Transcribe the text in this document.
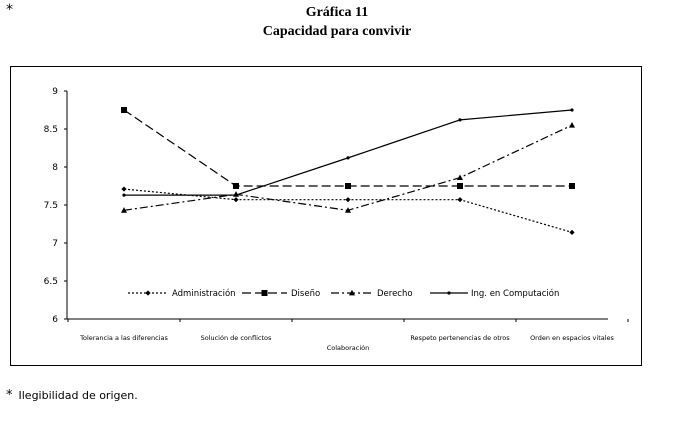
*	Gráfica 11
Capacidad para convivir
6
6.5
7
7.5
8
8.5
9
Tolerancia a las diferencias	Solución de conflictos
Colaboración
Respeto pertenencias de otros	Orden en espacios vitales
Administración	Diseño	Derecho	Ing. en Computación
* Ilegibilidad de origen.
